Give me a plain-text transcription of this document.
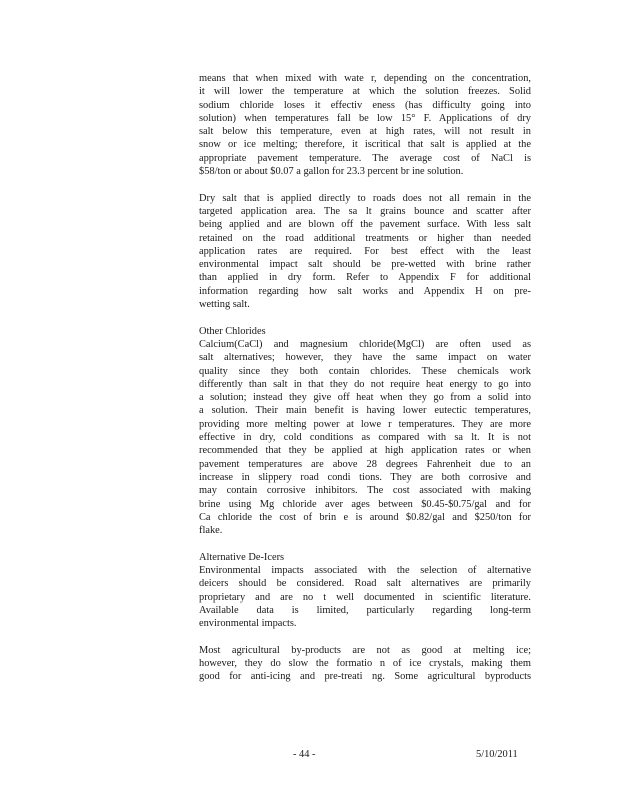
means that when mixed with wate r, depending on the concentration,
it will lower the temperature at which the solution freezes. Solid
sodium chloride loses it effectiv eness (has difficulty going into
solution) when temperatures fall be low 15° F. Applications of dry
salt below this temperature, even at high rates, will not result in
snow or ice melting; therefore, it iscritical that salt is applied at the
appropriate pavement temperature. The average cost of NaCl is
$58/ton or about $0.07 a gallon for 23.3 percent br ine solution.
Dry salt that is applied directly to roads does not all remain in the
targeted application area. The sa lt grains bounce and scatter after
being applied and are blown off the pavement surface. With less salt
retained on the road additional treatments or higher than needed
application rates are required. For best effect with the least
environmental impact salt should be pre-wetted with brine rather
than applied in dry form. Refer to Appendix F for additional
information regarding how salt works and Appendix H on pre-
wetting salt.
Other Chlorides
Calcium(CaCl) and magnesium chloride(MgCl) are often used as
salt alternatives; however, they have the same impact on water
quality since they both contain chlorides. These chemicals work
differently than salt in that they do not require heat energy to go into
a solution; instead they give off heat when they go from a solid into
a solution. Their main benefit is having lower eutectic temperatures,
providing more melting power at lowe r temperatures. They are more
effective in dry, cold conditions as compared with sa lt. It is not
recommended that they be applied at high application rates or when
pavement temperatures are above 28 degrees Fahrenheit due to an
increase in slippery road condi tions. They are both corrosive and
may contain corrosive inhibitors. The cost associated with making
brine using Mg chloride aver ages between $0.45-$0.75/gal and for
Ca chloride the cost of brin e is around $0.82/gal and $250/ton for
flake.
Alternative De-Icers
Environmental impacts associated with the selection of alternative
deicers should be considered. Road salt alternatives are primarily
proprietary and are no t well documented in scientific literature.
Available data is limited, particularly regarding long-term
environmental impacts.
Most agricultural by-products are not as good at melting ice;
however, they do slow the formatio n of ice crystals, making them
good for anti-icing and pre-treati ng. Some agricultural byproducts
- 44 -	5/10/2011
